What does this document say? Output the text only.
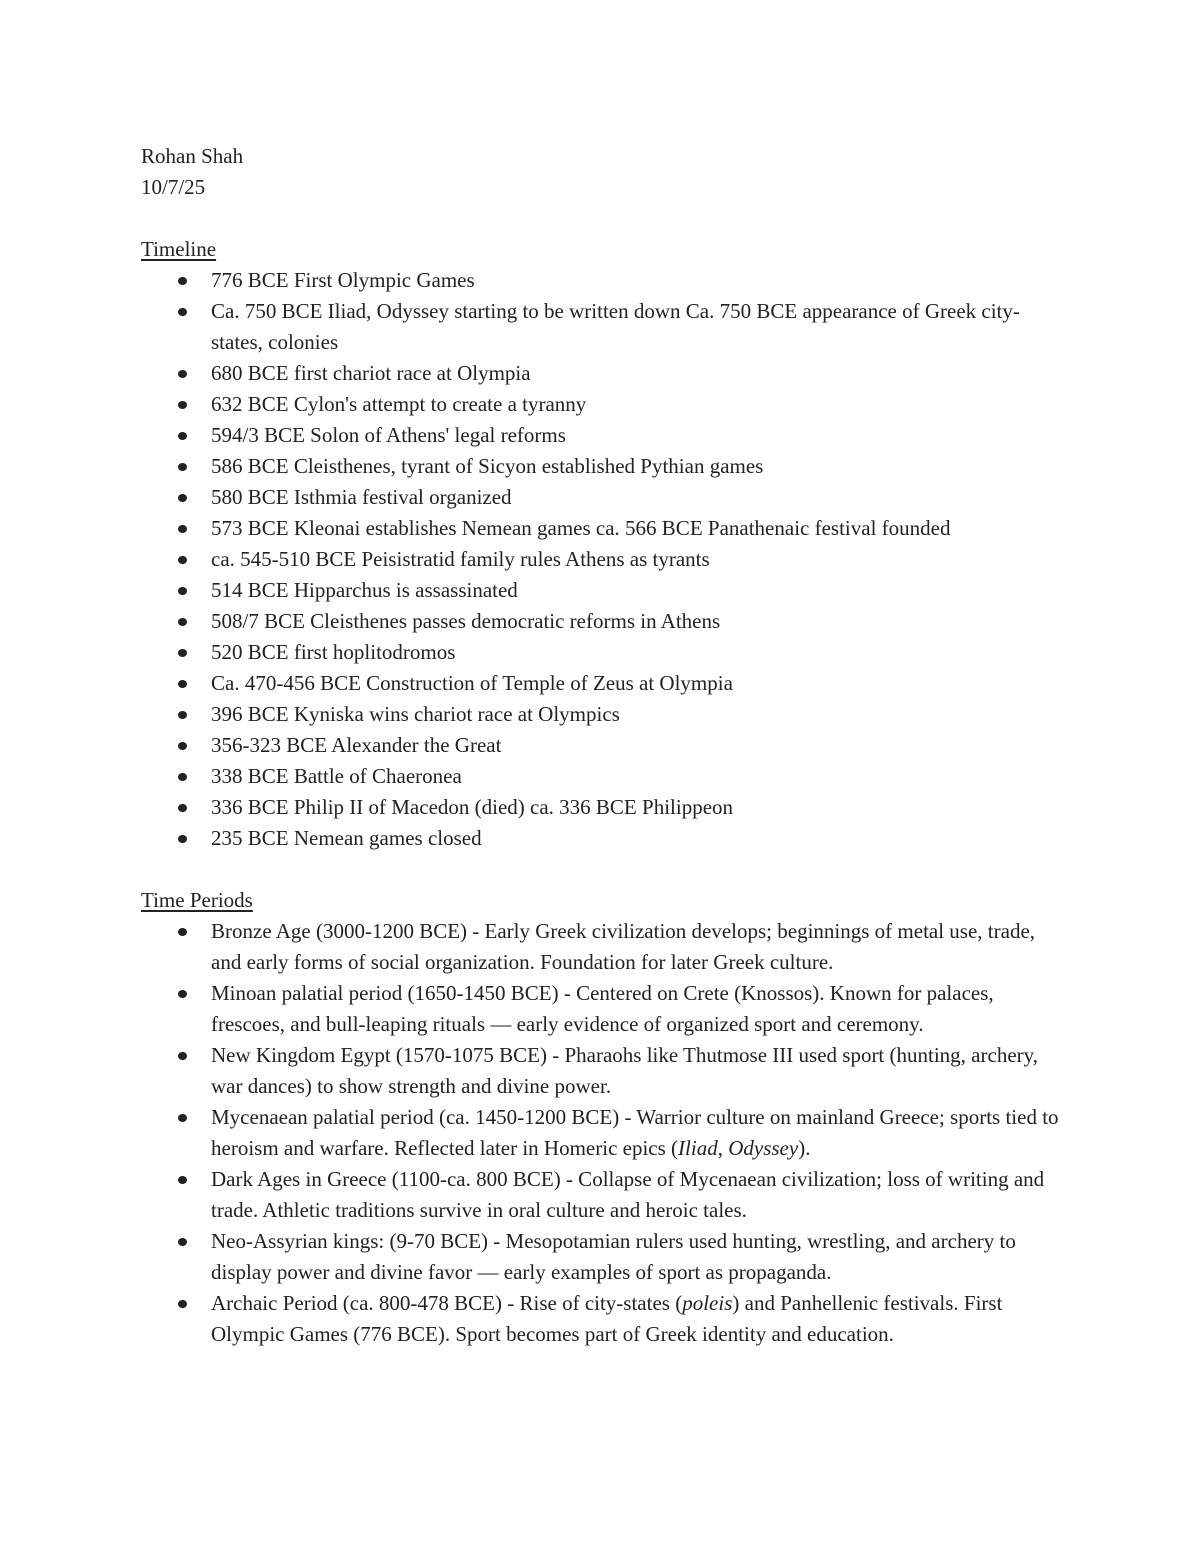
Rohan Shah
10/7/25
Timeline
776 BCE First Olympic Games
Ca. 750 BCE Iliad, Odyssey starting to be written down Ca. 750 BCE appearance of Greek city-states, colonies
680 BCE first chariot race at Olympia
632 BCE Cylon's attempt to create a tyranny
594/3 BCE Solon of Athens' legal reforms
586 BCE Cleisthenes, tyrant of Sicyon established Pythian games
580 BCE Isthmia festival organized
573 BCE Kleonai establishes Nemean games ca. 566 BCE Panathenaic festival founded
ca. 545-510 BCE Peisistratid family rules Athens as tyrants
514 BCE Hipparchus is assassinated
508/7 BCE Cleisthenes passes democratic reforms in Athens
520 BCE first hoplitodromos
Ca. 470-456 BCE Construction of Temple of Zeus at Olympia
396 BCE Kyniska wins chariot race at Olympics
356-323 BCE Alexander the Great
338 BCE Battle of Chaeronea
336 BCE Philip II of Macedon (died) ca. 336 BCE Philippeon
235 BCE Nemean games closed
Time Periods
Bronze Age (3000-1200 BCE) - Early Greek civilization develops; beginnings of metal use, trade, and early forms of social organization. Foundation for later Greek culture.
Minoan palatial period (1650-1450 BCE) - Centered on Crete (Knossos). Known for palaces, frescoes, and bull-leaping rituals — early evidence of organized sport and ceremony.
New Kingdom Egypt (1570-1075 BCE) - Pharaohs like Thutmose III used sport (hunting, archery, war dances) to show strength and divine power.
Mycenaean palatial period (ca. 1450-1200 BCE) - Warrior culture on mainland Greece; sports tied to heroism and warfare. Reflected later in Homeric epics (Iliad, Odyssey).
Dark Ages in Greece (1100-ca. 800 BCE) - Collapse of Mycenaean civilization; loss of writing and trade. Athletic traditions survive in oral culture and heroic tales.
Neo-Assyrian kings: (9-70 BCE) - Mesopotamian rulers used hunting, wrestling, and archery to display power and divine favor — early examples of sport as propaganda.
Archaic Period (ca. 800-478 BCE) - Rise of city-states (poleis) and Panhellenic festivals. First Olympic Games (776 BCE). Sport becomes part of Greek identity and education.
